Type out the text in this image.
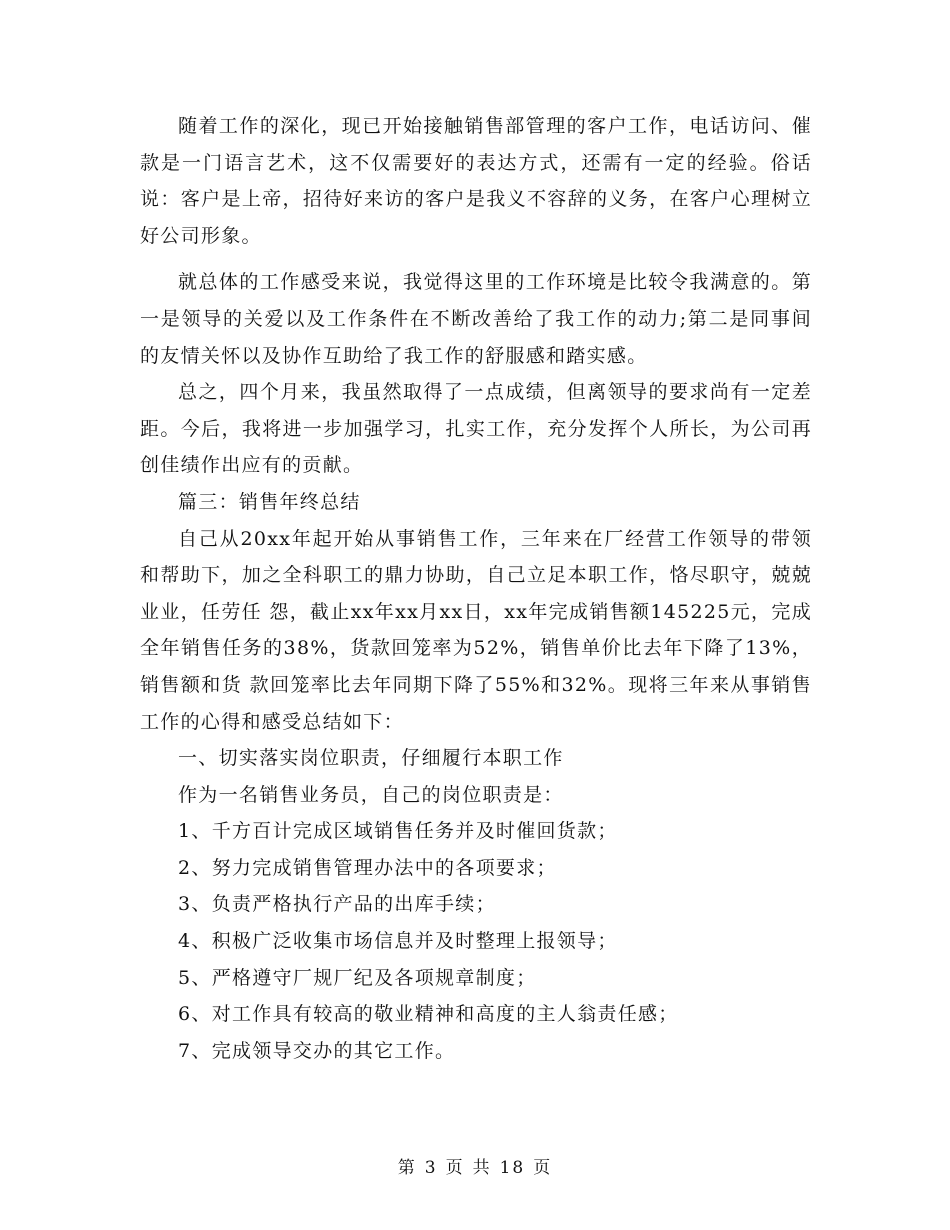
随着工作的深化，现已开始接触销售部管理的客户工作，电话访问、催款是一门语言艺术，这不仅需要好的表达方式，还需有一定的经验。俗话说：客户是上帝，招待好来访的客户是我义不容辞的义务，在客户心理树立好公司形象。

就总体的工作感受来说，我觉得这里的工作环境是比较令我满意的。第一是领导的关爱以及工作条件在不断改善给了我工作的动力;第二是同事间的友情关怀以及协作互助给了我工作的舒服感和踏实感。

总之，四个月来，我虽然取得了一点成绩，但离领导的要求尚有一定差距。今后，我将进一步加强学习，扎实工作，充分发挥个人所长，为公司再创佳绩作出应有的贡献。

篇三：销售年终总结

自己从20xx年起开始从事销售工作，三年来在厂经营工作领导的带领和帮助下，加之全科职工的鼎力协助，自己立足本职工作，恪尽职守，兢兢业业，任劳任 怨，截止xx年xx月xx日，xx年完成销售额145225元，完成全年销售任务的38%，货款回笼率为52%，销售单价比去年下降了13%，销售额和货 款回笼率比去年同期下降了55%和32%。现将三年来从事销售工作的心得和感受总结如下：

一、切实落实岗位职责，仔细履行本职工作

作为一名销售业务员，自己的岗位职责是：

1、千方百计完成区域销售任务并及时催回货款；

2、努力完成销售管理办法中的各项要求；

3、负责严格执行产品的出库手续；

4、积极广泛收集市场信息并及时整理上报领导；

5、严格遵守厂规厂纪及各项规章制度；

6、对工作具有较高的敬业精神和高度的主人翁责任感；

7、完成领导交办的其它工作。

第 3 页 共 18 页
